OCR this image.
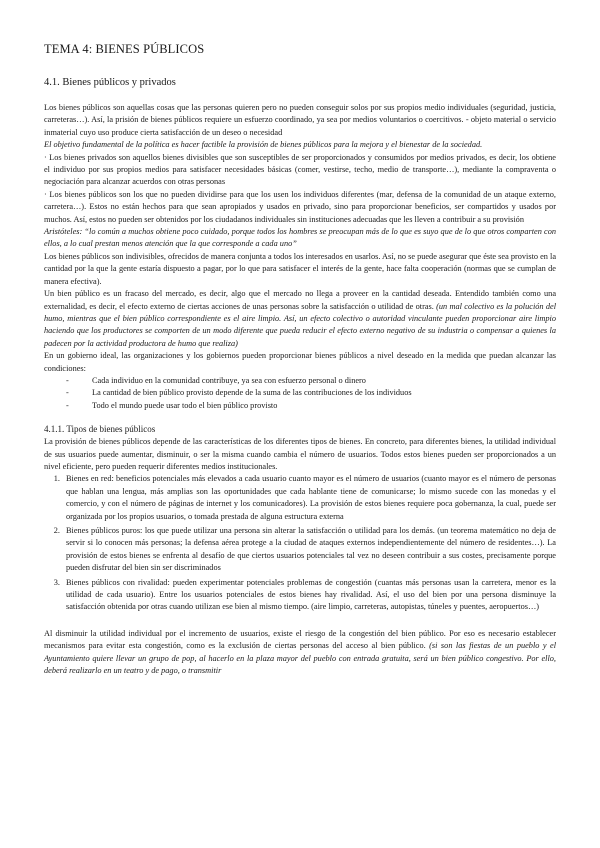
TEMA 4: BIENES PÚBLICOS
4.1. Bienes públicos y privados

Los bienes públicos son aquellas cosas que las personas quieren pero no pueden conseguir solos por sus propios medio individuales (seguridad, justicia, carreteras…). Así, la prisión de bienes públicos requiere un esfuerzo coordinado, ya sea por medios voluntarios o coercitivos. - objeto material o servicio inmaterial cuyo uso produce cierta satisfacción de un deseo o necesidad

El objetivo fundamental de la política es hacer factible la provisión de bienes públicos para la mejora y el bienestar de la sociedad.

· Los bienes privados son aquellos bienes divisibles que son susceptibles de ser proporcionados y consumidos por medios privados, es decir, los obtiene el individuo por sus propios medios para satisfacer necesidades básicas (comer, vestirse, techo, medio de transporte…), mediante la compraventa o negociación para alcanzar acuerdos con otras personas

· Los bienes públicos son los que no pueden dividirse para que los usen los individuos diferentes (mar, defensa de la comunidad de un ataque externo, carretera…). Estos no están hechos para que sean apropiados y usados en privado, sino para proporcionar beneficios, ser compartidos y usados por muchos. Así, estos no pueden ser obtenidos por los ciudadanos individuales sin instituciones adecuadas que les lleven a contribuir a su provisión

Aristóteles: “lo común a muchos obtiene poco cuidado, porque todos los hombres se preocupan más de lo que es suyo que de lo que otros comparten con ellos, a lo cual prestan menos atención que la que corresponde a cada uno”

Los bienes públicos son indivisibles, ofrecidos de manera conjunta a todos los interesados en usarlos. Así, no se puede asegurar que éste sea provisto en la cantidad por la que la gente estaría dispuesto a pagar, por lo que para satisfacer el interés de la gente, hace falta cooperación (normas que se cumplan de manera efectiva).

Un bien público es un fracaso del mercado, es decir, algo que el mercado no llega a proveer en la cantidad deseada. Entendido también como una externalidad, es decir, el efecto externo de ciertas acciones de unas personas sobre la satisfacción o utilidad de otras. (un mal colectivo es la polución del humo, mientras que el bien público correspondiente es el aire limpio. Así, un efecto colectivo o autoridad vinculante pueden proporcionar aire limpio haciendo que los productores se comporten de un modo diferente que pueda reducir el efecto externo negativo de su industria o compensar a quienes la padecen por la actividad productora de humo que realiza)

En un gobierno ideal, las organizaciones y los gobiernos pueden proporcionar bienes públicos a nivel deseado en la medida que puedan alcanzar las condiciones:

- Cada individuo en la comunidad contribuye, ya sea con esfuerzo personal o dinero
- La cantidad de bien público provisto depende de la suma de las contribuciones de los individuos
- Todo el mundo puede usar todo el bien público provisto
4.1.1. Tipos de bienes públicos

La provisión de bienes públicos depende de las características de los diferentes tipos de bienes. En concreto, para diferentes bienes, la utilidad individual de sus usuarios puede aumentar, disminuir, o ser la misma cuando cambia el número de usuarios. Todos estos bienes pueden ser proporcionados a un nivel eficiente, pero pueden requerir diferentes medios institucionales.

1. Bienes en red: beneficios potenciales más elevados a cada usuario cuanto mayor es el número de usuarios (cuanto mayor es el número de personas que hablan una lengua, más amplias son las oportunidades que cada hablante tiene de comunicarse; lo mismo sucede con las monedas y el comercio, y con el número de páginas de internet y los comunicadores). La provisión de estos bienes requiere poca gobernanza, la cual, puede ser organizada por los propios usuarios, o tomada prestada de alguna estructura externa
2. Bienes públicos puros: los que puede utilizar una persona sin alterar la satisfacción o utilidad para los demás. (un teorema matemático no deja de servir si lo conocen más personas; la defensa aérea protege a la ciudad de ataques externos independientemente del número de residentes…). La provisión de estos bienes se enfrenta al desafío de que ciertos usuarios potenciales tal vez no deseen contribuir a sus costes, precisamente porque pueden disfrutar del bien sin ser discriminados
3. Bienes públicos con rivalidad: pueden experimentar potenciales problemas de congestión (cuantas más personas usan la carretera, menor es la utilidad de cada usuario). Entre los usuarios potenciales de estos bienes hay rivalidad. Así, el uso del bien por una persona disminuye la satisfacción obtenida por otras cuando utilizan ese bien al mismo tiempo. (aire limpio, carreteras, autopistas, túneles y puentes, aeropuertos…)

Al disminuir la utilidad individual por el incremento de usuarios, existe el riesgo de la congestión del bien público. Por eso es necesario establecer mecanismos para evitar esta congestión, como es la exclusión de ciertas personas del acceso al bien público. (si son las fiestas de un pueblo y el Ayuntamiento quiere llevar un grupo de pop, al hacerlo en la plaza mayor del pueblo con entrada gratuita, será un bien público congestivo. Por ello, deberá realizarlo en un teatro y de pago, o transmitir
